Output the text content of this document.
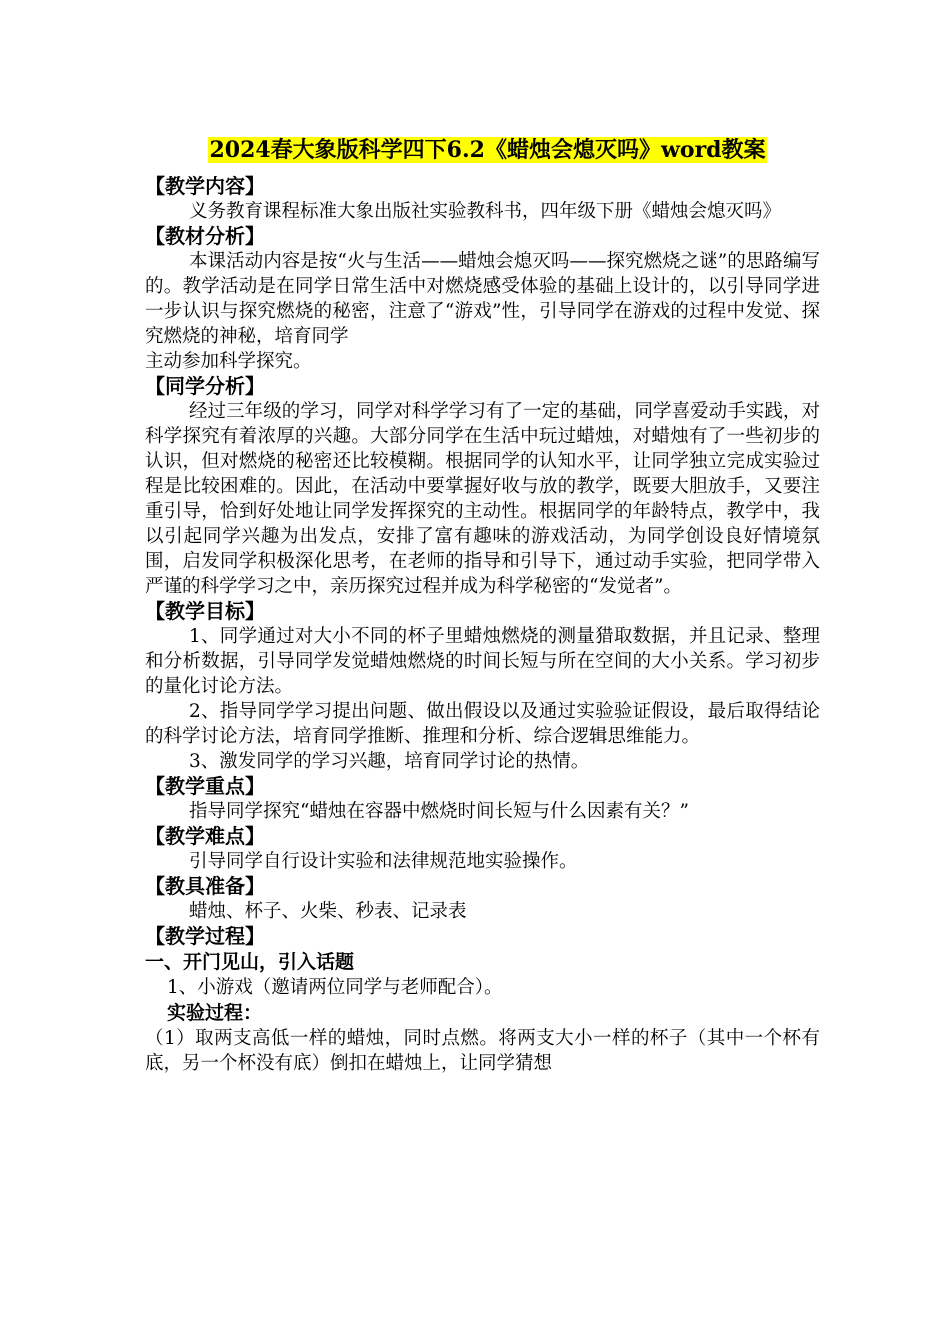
2024春大象版科学四下6.2《蜡烛会熄灭吗》word教案
【教学内容】
义务教育课程标准大象出版社实验教科书，四年级下册《蜡烛会熄灭吗》
【教材分析】
本课活动内容是按“火与生活——蜡烛会熄灭吗——探究燃烧之谜”的思路编写的。教学活动是在同学日常生活中对燃烧感受体验的基础上设计的，以引导同学进一步认识与探究燃烧的秘密，注意了“游戏”性，引导同学在游戏的过程中发觉、探究燃烧的神秘，培育同学
主动参加科学探究。
【同学分析】
经过三年级的学习，同学对科学学习有了一定的基础，同学喜爱动手实践，对科学探究有着浓厚的兴趣。大部分同学在生活中玩过蜡烛，对蜡烛有了一些初步的认识，但对燃烧的秘密还比较模糊。根据同学的认知水平，让同学独立完成实验过程是比较困难的。因此，在活动中要掌握好收与放的教学，既要大胆放手，又要注重引导，恰到好处地让同学发挥探究的主动性。根据同学的年龄特点，教学中，我以引起同学兴趣为出发点，安排了富有趣味的游戏活动，为同学创设良好情境氛围，启发同学积极深化思考，在老师的指导和引导下，通过动手实验，把同学带入严谨的科学学习之中，亲历探究过程并成为科学秘密的“发觉者”。
【教学目标】
1、同学通过对大小不同的杯子里蜡烛燃烧的测量猎取数据，并且记录、整理和分析数据，引导同学发觉蜡烛燃烧的时间长短与所在空间的大小关系。学习初步的量化讨论方法。
2、指导同学学习提出问题、做出假设以及通过实验验证假设，最后取得结论的科学讨论方法，培育同学推断、推理和分析、综合逻辑思维能力。
3、激发同学的学习兴趣，培育同学讨论的热情。
【教学重点】
指导同学探究“蜡烛在容器中燃烧时间长短与什么因素有关？”
【教学难点】
引导同学自行设计实验和法律规范地实验操作。
【教具准备】
蜡烛、杯子、火柴、秒表、记录表
【教学过程】
一、开门见山，引入话题
1、小游戏（邀请两位同学与老师配合）。
实验过程：
（1）取两支高低一样的蜡烛，同时点燃。将两支大小一样的杯子（其中一个杯有底，另一个杯没有底）倒扣在蜡烛上，让同学猜想
